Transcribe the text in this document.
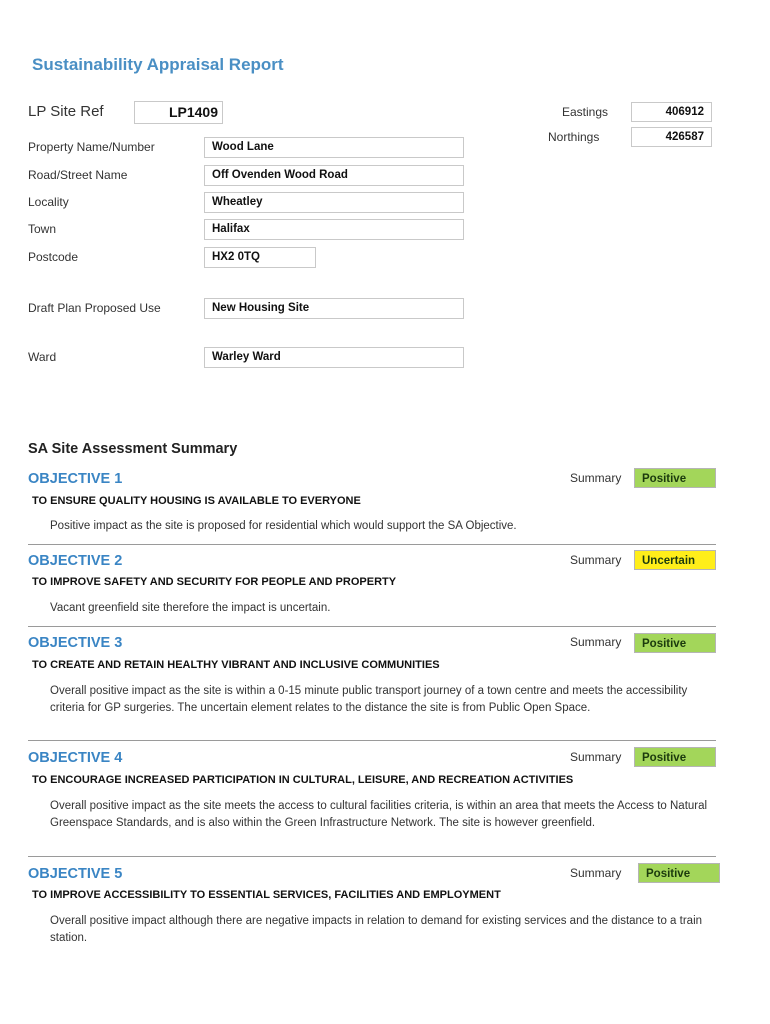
Sustainability Appraisal Report
LP Site Ref	LP1409	Eastings	406912
Northings	426587
Property Name/Number	Wood Lane
Road/Street Name	Off Ovenden Wood Road
Locality	Wheatley
Town	Halifax
Postcode	HX2 0TQ
Draft Plan Proposed Use	New Housing Site
Ward	Warley Ward
SA Site Assessment Summary
OBJECTIVE 1	Summary	Positive
TO ENSURE QUALITY HOUSING IS AVAILABLE TO EVERYONE
Positive impact as the site is proposed for residential which would support the SA Objective.
OBJECTIVE 2	Summary	Uncertain
TO IMPROVE SAFETY AND SECURITY FOR PEOPLE AND PROPERTY
Vacant greenfield site therefore the impact is uncertain.
OBJECTIVE 3	Summary	Positive
TO CREATE AND RETAIN HEALTHY VIBRANT AND INCLUSIVE COMMUNITIES
Overall positive impact as the site is within a 0-15 minute public transport journey of a town centre and meets the accessibility criteria for GP surgeries. The uncertain element relates to the distance the site is from Public Open Space.
OBJECTIVE 4	Summary	Positive
TO ENCOURAGE INCREASED PARTICIPATION IN CULTURAL, LEISURE, AND RECREATION ACTIVITIES
Overall positive impact as the site meets the access to cultural facilities criteria, is within an area that meets the Access to Natural Greenspace Standards, and is also within the Green Infrastructure Network. The site is however greenfield.
OBJECTIVE 5	Summary	Positive
TO IMPROVE ACCESSIBILITY TO ESSENTIAL SERVICES, FACILITIES AND EMPLOYMENT
Overall positive impact although there are negative impacts in relation to demand for existing services and the distance to a train station.
